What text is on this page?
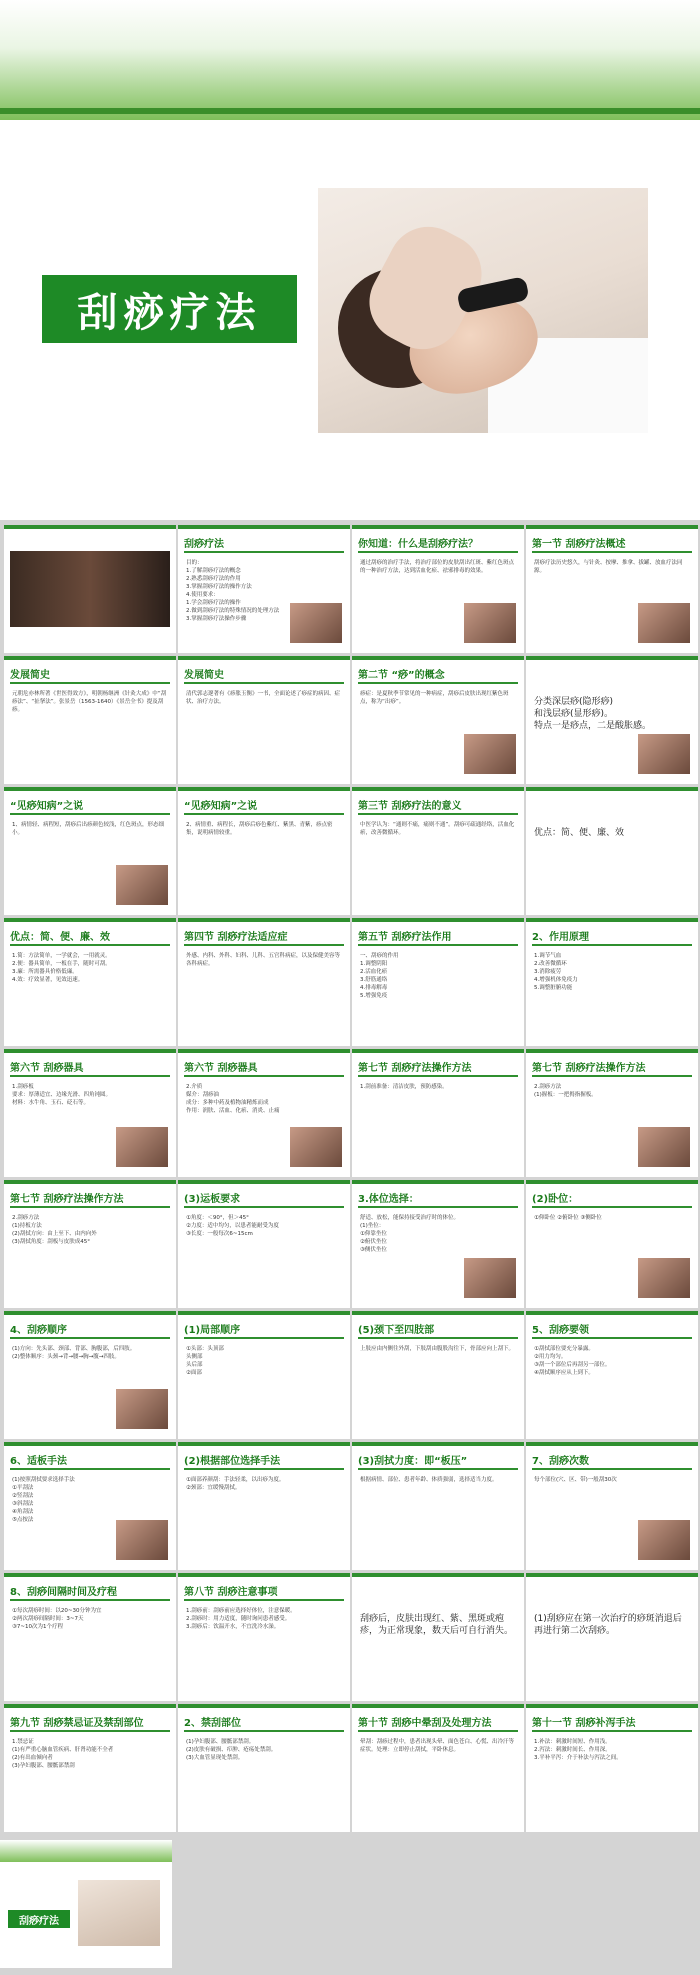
刮痧疗法
刮痧疗法
目的：
1.了解刮痧疗法的概念
2.熟悉刮痧疗法的作用
3.掌握刮痧疗法的操作方法
4.使用要求：
1.学会刮痧疗法的操作
2.做到刮痧疗法的特殊情况的处理方法
3.掌握刮痧疗法操作步骤
你知道：什么是刮痧疗法？
通过刮痧的治疗手法，将治疗部位的皮肤刮出红斑、紫红色斑点的一种治疗方法，达到活血化瘀、祛邪排毒的效果。
第一节 刮痧疗法概述
刮痧疗法历史悠久，与针灸、按摩、推拿、拔罐、放血疗法同源。
发展简史
元朝危亦林所著《世医得效方》，明朝杨继洲《针灸大成》中“刮痧法”、“扯拏法”。张景岳（1563-1640）《景岳全书》提及刮痧。
发展简史
清代郭志邃著有《痧胀玉衡》一书，全面论述了痧症的病因、症状、治疗方法。
第二节 “痧”的概念
痧症：是夏秋季节常见的一种病症，刮痧后皮肤出现红紫色斑点，称为“出痧”。	分类深层痧(隐形痧)
和浅层痧(显形痧)。
特点一是痧点，二是酸胀感。
“见痧知病”之说
1、病情轻、病程短，刮痧后出痧颜色较浅，红色斑点，形态细小。
“见痧知病”之说
2、病情重、病程长，刮痧后痧色紫红、紫黑、青紫，痧点密集，说明病情较重。
第三节 刮痧疗法的意义
中医学认为：“通则不痛，痛则不通”。刮痧可疏通经络，活血化瘀，改善微循环。	优点：简、便、廉、效
优点：简、便、廉、效
1.简：方法简单，一学就会，一用就灵。
2.便：器具简单，一板在手，随时可刮。
3.廉：所需器具价格低廉。
4.效：疗效显著，见效迅速。
第四节 刮痧疗法适应症
外感、内科、外科、妇科、儿科、五官科病症，以及保健美容等各科病症。
第五节 刮痧疗法作用
一、刮痧的作用
1.调整阴阳
2.活血化瘀
3.舒筋通络
4.排毒解毒
5.增强免疫
2、作用原理
1.调节气血
2.改善微循环
3.消除疲劳
4.增强机体免疫力
5.调整脏腑功能
第六节 刮痧器具
1.刮痧板
要求：厚薄适宜、边缘光滑、四角钝圆。
材料：水牛角、玉石、砭石等。
第六节 刮痧器具
2.介质
媒介：刮痧油
成分：多种中药及植物油精炼而成
作用：润肤、活血、化瘀、消炎、止痛
第七节 刮痧疗法操作方法
1.刮前准备：清洁皮肤，预防感染。
第七节 刮痧疗法操作方法
2.刮痧方法
(1)握板：一把拇指握板。
第七节 刮痧疗法操作方法
2.刮痧方法
(1)持板方法
(2)刮拭方向：由上至下、由内向外
(3)刮拭角度：刮板与皮肤成45°
(3)运板要求
①角度：＜90°，但＞45°
②力度：适中均匀，以患者能耐受为度
③长度：一般每次6~15cm
3.体位选择：
舒适、放松，能保持接受治疗时的体位。
(1)坐位：
①仰靠坐位
②俯伏坐位
③侧伏坐位
(2)卧位：
①仰卧位 ②俯卧位 ③侧卧位
4、刮痧顺序
(1)方向：先头部、颈部、背部、胸腹部，后四肢。
(2)整体顺序：头颈→背→腰→胸→腹→四肢。
(1)局部顺序
①头部：头顶部
头侧部
头后部
②面部
(5)颈下至四肢部
上肢应由内侧往外刮，下肢刮由腹股沟往下，骨部应向上刮下。
5、刮痧要领
①刮拭部位要充分暴露。
②用力均匀。
③刮一个部位后再刮另一部位。
④刮拭顺序应从上到下。
6、适板手法
(1)按照刮拭要求选择手法
①平刮法
②竖刮法
③斜刮法
④角刮法
⑤点按法
(2)根据部位选择手法
①面部养颜刮：手法轻柔，以出痧为度。
②颈部：宜缓慢刮拭。
(3)刮拭力度：即“板压”
根据病情、部位、患者年龄、体质强弱，选择适当力度。
7、刮痧次数
每个部位(穴、区、带)一般刮30次
8、刮痧间隔时间及疗程
①每次刮痧时间：以20~30分钟为宜
②两次刮痧间隔时间：3~7天
③7~10次为1个疗程
第八节 刮痧注意事项
1.刮痧前：刮痧前应选择好体位，注意保暖。
2.刮痧时：用力适度，随时询问患者感受。
3.刮痧后：饮温开水，不宜洗冷水澡。
刮痧后，皮肤出现红、紫、黑斑或疱疹，为正常现象，数天后可自行消失。
(1)刮痧应在第一次治疗的痧斑消退后再进行第二次刮痧。
第九节 刮痧禁忌证及禁刮部位
1.禁忌证
(1)有严重心脑血管疾病、肝肾功能不全者
(2)有出血倾向者
(3)孕妇腹部、腰骶部禁刮
2、禁刮部位
(1)孕妇腹部、腰骶部禁刮。
(2)皮肤有破损、疖肿、疮疡处禁刮。
(3)大血管显现处禁刮。
第十节 刮痧中晕刮及处理方法
晕刮：刮痧过程中，患者出现头晕、面色苍白、心慌、出冷汗等症状。处理：立即停止刮拭，平卧休息。
第十一节 刮痧补泻手法
1.补法：刺激时间短、作用浅。
2.泻法：刺激时间长、作用深。
3.平补平泻：介于补法与泻法之间。
刮痧疗法
